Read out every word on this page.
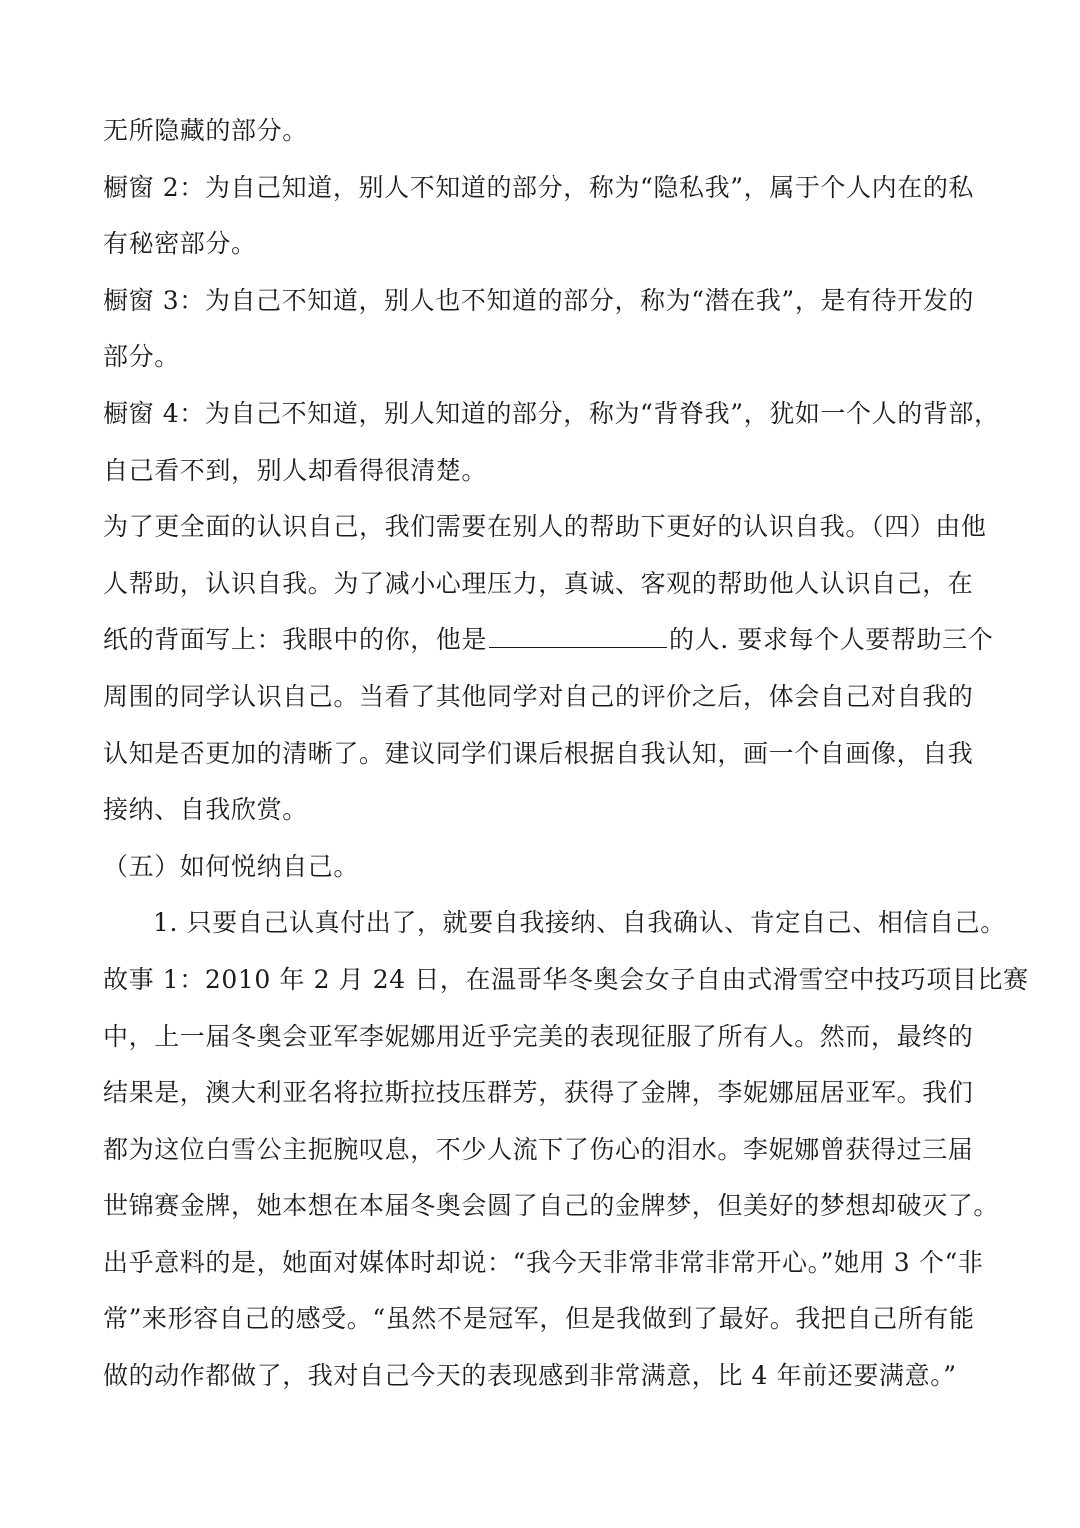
无所隐藏的部分。
橱窗 2：为自己知道，别人不知道的部分，称为“隐私我”，属于个人内在的私
有秘密部分。
橱窗 3：为自己不知道，别人也不知道的部分，称为“潜在我”，是有待开发的
部分。
橱窗 4：为自己不知道，别人知道的部分，称为“背脊我”，犹如一个人的背部，
自己看不到，别人却看得很清楚。
为了更全面的认识自己，我们需要在别人的帮助下更好的认识自我。（四）由他
人帮助，认识自我。为了减小心理压力，真诚、客观的帮助他人认识自己，在
纸的背面写上：我眼中的你，他是	的人. 要求每个人要帮助三个
周围的同学认识自己。当看了其他同学对自己的评价之后，体会自己对自我的
认知是否更加的清晰了。建议同学们课后根据自我认知，画一个自画像，自我
接纳、自我欣赏。
（五）如何悦纳自己。
1. 只要自己认真付出了，就要自我接纳、自我确认、肯定自己、相信自己。
故事 1：2010 年 2 月 24 日，在温哥华冬奥会女子自由式滑雪空中技巧项目比赛
中，上一届冬奥会亚军李妮娜用近乎完美的表现征服了所有人。然而，最终的
结果是，澳大利亚名将拉斯拉技压群芳，获得了金牌，李妮娜屈居亚军。我们
都为这位白雪公主扼腕叹息，不少人流下了伤心的泪水。李妮娜曾获得过三届
世锦赛金牌，她本想在本届冬奥会圆了自己的金牌梦，但美好的梦想却破灭了。
出乎意料的是，她面对媒体时却说：“我今天非常非常非常开心。”她用 3 个“非
常”来形容自己的感受。“虽然不是冠军，但是我做到了最好。我把自己所有能
做的动作都做了，我对自己今天的表现感到非常满意，比 4 年前还要满意。”
